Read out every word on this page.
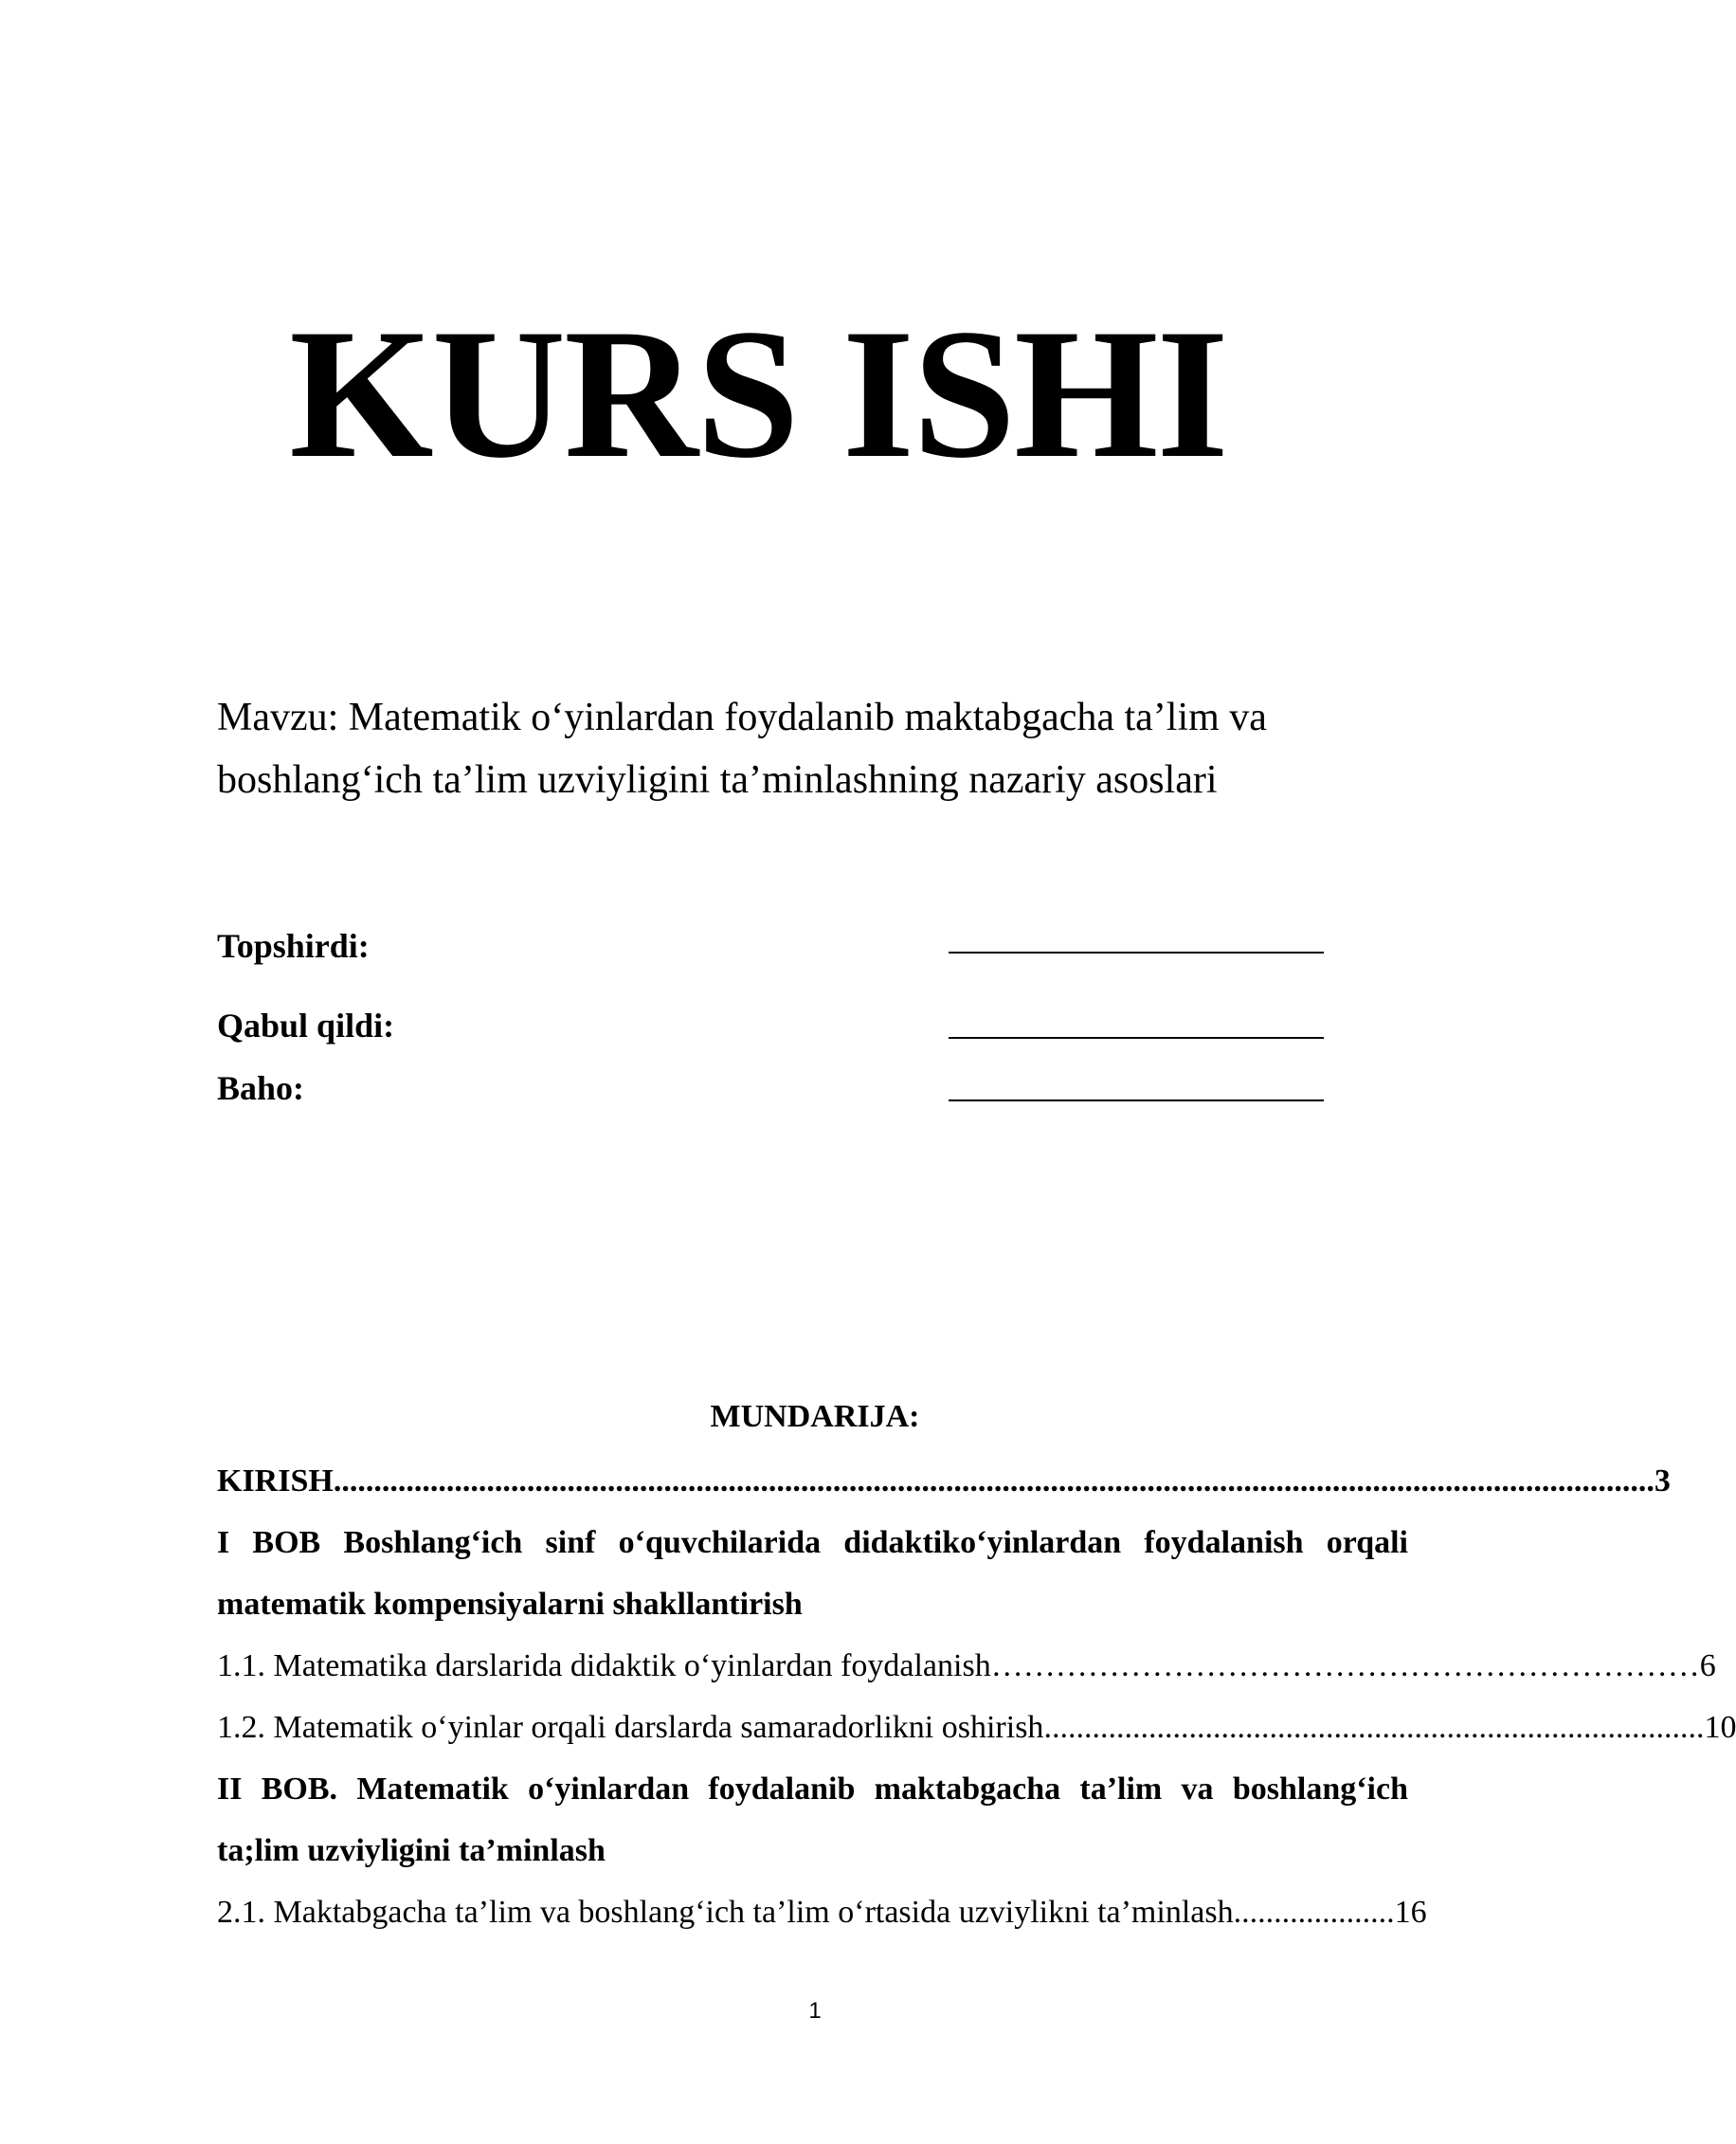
KURS ISHI
Mavzu: Matematik o‘yinlardan foydalanib maktabgacha ta’lim va
boshlang‘ich ta’lim uzviyligini ta’minlashning nazariy asoslari
Topshirdi:
Qabul qildi:
Baho:
MUNDARIJA:
KIRISH .................................................................................................................................................................... 3
I BOB Boshlang‘ich sinf o‘quvchilarida didaktiko‘yinlardan foydalanish orqali matematik kompensiyalarni shakllantirish
1.1. Matematika darslarida didaktik o‘yinlardan foydalanish ………………………………………………………… 6
1.2. Matematik o‘yinlar orqali darslarda samaradorlikni oshirish .................................................................................. 10
II BOB. Matematik o‘yinlardan foydalanib maktabgacha ta’lim va boshlang‘ich ta;lim uzviyligini ta’minlash
2.1. Maktabgacha ta’lim va boshlang‘ich ta’lim o‘rtasida uzviylikni ta’minlash .................... 16
1
